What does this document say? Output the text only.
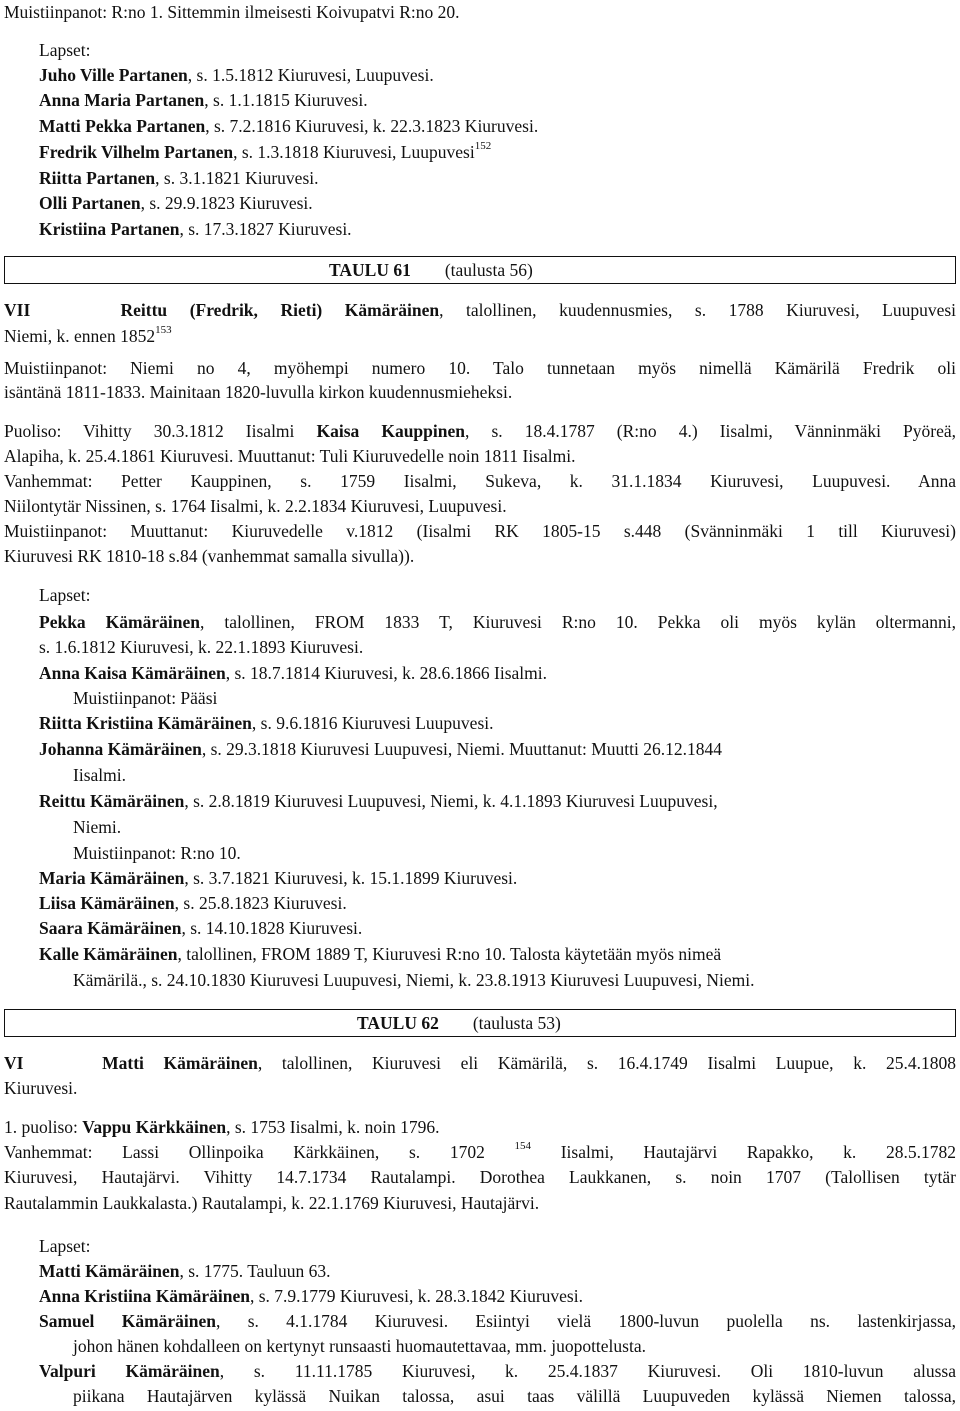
Muistiinpanot: R:no 1. Sittemmin ilmeisesti Koivupatvi R:no 20.
Lapset:
Juho Ville Partanen, s. 1.5.1812 Kiuruvesi, Luupuvesi.
Anna Maria Partanen, s. 1.1.1815 Kiuruvesi.
Matti Pekka Partanen, s. 7.2.1816 Kiuruvesi, k. 22.3.1823 Kiuruvesi.
Fredrik Vilhelm Partanen, s. 1.3.1818 Kiuruvesi, Luupuvesi$^{152}$
Riitta Partanen, s. 3.1.1821 Kiuruvesi.
Olli Partanen, s. 29.9.1823 Kiuruvesi.
Kristiina Partanen, s. 17.3.1827 Kiuruvesi.
TAULU 61 (taulusta 56)
VII	Reittu (Fredrik, Rieti) Kämäräinen, talollinen, kuudennusmies, s. 1788 Kiuruvesi, Luupuvesi
Niemi, k. ennen 1852$^{153}$
Muistiinpanot: Niemi no 4, myöhempi numero 10. Talo tunnetaan myös nimellä Kämärilä Fredrik oli
isäntänä 1811-1833. Mainitaan 1820-luvulla kirkon kuudennusmieheksi.
Puoliso: Vihitty 30.3.1812 Iisalmi Kaisa Kauppinen, s. 18.4.1787 (R:no 4.) Iisalmi, Vänninmäki Pyöreä,
Alapiha, k. 25.4.1861 Kiuruvesi. Muuttanut: Tuli Kiuruvedelle noin 1811 Iisalmi.
Vanhemmat: Petter Kauppinen, s. 1759 Iisalmi, Sukeva, k. 31.1.1834 Kiuruvesi, Luupuvesi. Anna
Niilontytär Nissinen, s. 1764 Iisalmi, k. 2.2.1834 Kiuruvesi, Luupuvesi.
Muistiinpanot: Muuttanut: Kiuruvedelle v.1812 (Iisalmi RK 1805-15 s.448 (Svänninmäki 1 till Kiuruvesi)
Kiuruvesi RK 1810-18 s.84 (vanhemmat samalla sivulla)).
Lapset:
Pekka Kämäräinen, talollinen, FROM 1833 T, Kiuruvesi R:no 10. Pekka oli myös kylän oltermanni,
s. 1.6.1812 Kiuruvesi, k. 22.1.1893 Kiuruvesi.
Anna Kaisa Kämäräinen, s. 18.7.1814 Kiuruvesi, k. 28.6.1866 Iisalmi.
Muistiinpanot: Pääsi
Riitta Kristiina Kämäräinen, s. 9.6.1816 Kiuruvesi Luupuvesi.
Johanna Kämäräinen, s. 29.3.1818 Kiuruvesi Luupuvesi, Niemi. Muuttanut: Muutti 26.12.1844
Iisalmi.
Reittu Kämäräinen, s. 2.8.1819 Kiuruvesi Luupuvesi, Niemi, k. 4.1.1893 Kiuruvesi Luupuvesi,
Niemi.
Muistiinpanot: R:no 10.
Maria Kämäräinen, s. 3.7.1821 Kiuruvesi, k. 15.1.1899 Kiuruvesi.
Liisa Kämäräinen, s. 25.8.1823 Kiuruvesi.
Saara Kämäräinen, s. 14.10.1828 Kiuruvesi.
Kalle Kämäräinen, talollinen, FROM 1889 T, Kiuruvesi R:no 10. Talosta käytetään myös nimeä
Kämärilä., s. 24.10.1830 Kiuruvesi Luupuvesi, Niemi, k. 23.8.1913 Kiuruvesi Luupuvesi, Niemi.
TAULU 62 (taulusta 53)
VI	Matti Kämäräinen, talollinen, Kiuruvesi eli Kämärilä, s. 16.4.1749 Iisalmi Luupue, k. 25.4.1808
Kiuruvesi.
1. puoliso: Vappu Kärkkäinen, s. 1753 Iisalmi, k. noin 1796.
Vanhemmat: Lassi Ollinpoika Kärkkäinen, s. 1702 $^{154}$ Iisalmi, Hautajärvi Rapakko, k. 28.5.1782
Kiuruvesi, Hautajärvi. Vihitty 14.7.1734 Rautalampi. Dorothea Laukkanen, s. noin 1707 (Talollisen tytär
Rautalammin Laukkalasta.) Rautalampi, k. 22.1.1769 Kiuruvesi, Hautajärvi.
Lapset:
Matti Kämäräinen, s. 1775. Tauluun 63.
Anna Kristiina Kämäräinen, s. 7.9.1779 Kiuruvesi, k. 28.3.1842 Kiuruvesi.
Samuel Kämäräinen, s. 4.1.1784 Kiuruvesi. Esiintyi vielä 1800-luvun puolella ns. lastenkirjassa,
johon hänen kohdalleen on kertynyt runsaasti huomautettavaa, mm. juopottelusta.
Valpuri Kämäräinen, s. 11.11.1785 Kiuruvesi, k. 25.4.1837 Kiuruvesi. Oli 1810-luvun alussa
piikana Hautajärven kylässä Nuikan talossa, asui taas välillä Luupuveden kylässä Niemen talossa,
